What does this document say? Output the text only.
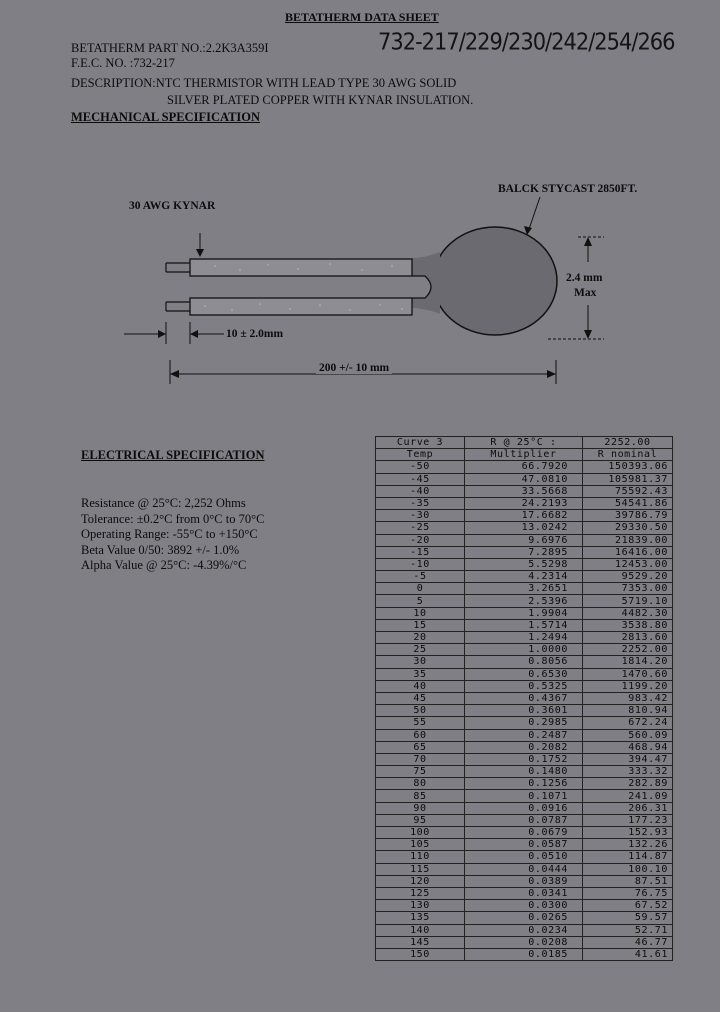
BETATHERM DATA SHEET
BETATHERM PART NO.:2.2K3A359I
F.E.C. NO. :732-217
DESCRIPTION:NTC THERMISTOR WITH LEAD TYPE 30 AWG SOLID
SILVER PLATED COPPER WITH KYNAR INSULATION.
732-217/229/230/242/254/266
MECHANICAL SPECIFICATION
30 AWG KYNAR
BALCK STYCAST 2850FT.
2.4 mm
Max
10 ± 2.0mm
200 +/- 10 mm
ELECTRICAL SPECIFICATION
Resistance @ 25°C: 2,252 Ohms
Tolerance: ±0.2°C from 0°C to 70°C
Operating Range: -55°C to +150°C
Beta Value 0/50: 3892 +/- 1.0%
Alpha Value @ 25°C: -4.39%/°C
Curve 3	R @ 25°C :	2252.00
Temp	Multiplier	R nominal
-50	66.7920	150393.06
-45	47.0810	105981.37
-40	33.5668	75592.43
-35	24.2193	54541.86
-30	17.6682	39786.79
-25	13.0242	29330.50
-20	9.6976	21839.00
-15	7.2895	16416.00
-10	5.5298	12453.00
-5	4.2314	9529.20
0	3.2651	7353.00
5	2.5396	5719.10
10	1.9904	4482.30
15	1.5714	3538.80
20	1.2494	2813.60
25	1.0000	2252.00
30	0.8056	1814.20
35	0.6530	1470.60
40	0.5325	1199.20
45	0.4367	983.42
50	0.3601	810.94
55	0.2985	672.24
60	0.2487	560.09
65	0.2082	468.94
70	0.1752	394.47
75	0.1480	333.32
80	0.1256	282.89
85	0.1071	241.09
90	0.0916	206.31
95	0.0787	177.23
100	0.0679	152.93
105	0.0587	132.26
110	0.0510	114.87
115	0.0444	100.10
120	0.0389	87.51
125	0.0341	76.75
130	0.0300	67.52
135	0.0265	59.57
140	0.0234	52.71
145	0.0208	46.77
150	0.0185	41.61
